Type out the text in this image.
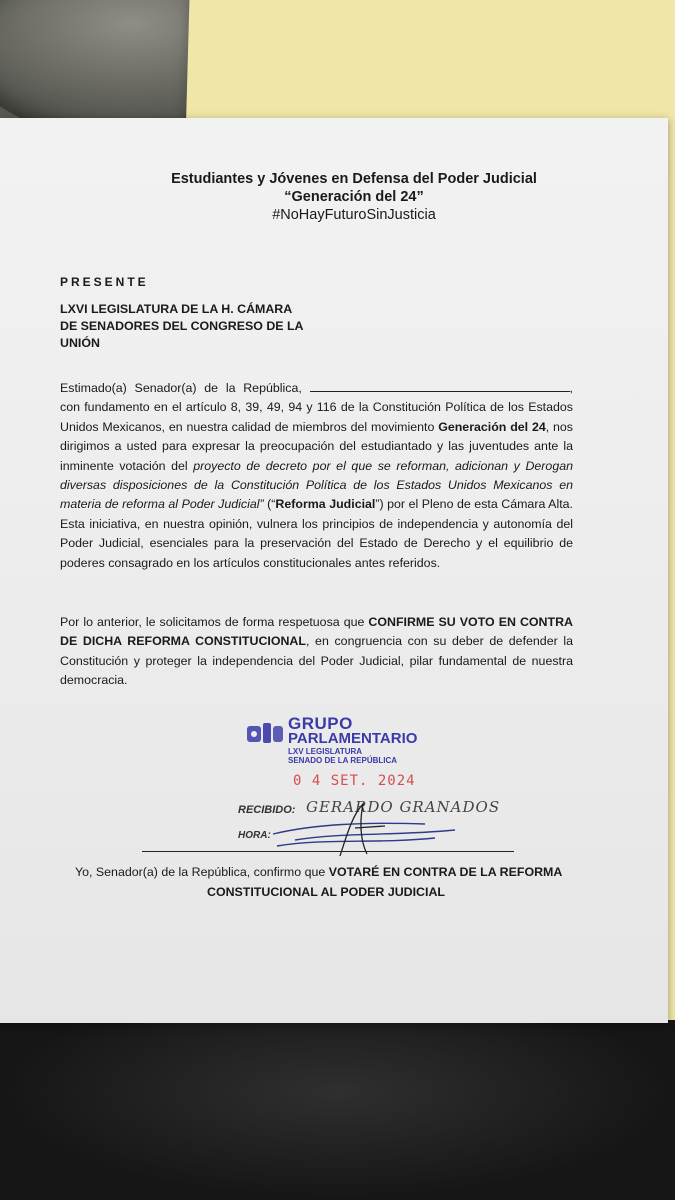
Estudiantes y Jóvenes en Defensa del Poder Judicial
“Generación del 24”
#NoHayFuturoSinJusticia
PRESENTE
LXVI LEGISLATURA DE LA H. CÁMARA DE SENADORES DEL CONGRESO DE LA UNIÓN
Estimado(a) Senador(a) de la República,	, con fundamento en el artículo 8, 39, 49, 94 y 116 de la Constitución Política de los Estados Unidos Mexicanos, en nuestra calidad de miembros del movimiento Generación del 24, nos dirigimos a usted para expresar la preocupación del estudiantado y las juventudes ante la inminente votación del proyecto de decreto por el que se reforman, adicionan y Derogan diversas disposiciones de la Constitución Política de los Estados Unidos Mexicanos en materia de reforma al Poder Judicial” (“Reforma Judicial”) por el Pleno de esta Cámara Alta. Esta iniciativa, en nuestra opinión, vulnera los principios de independencia y autonomía del Poder Judicial, esenciales para la preservación del Estado de Derecho y el equilibrio de poderes consagrado en los artículos constitucionales antes referidos.
Por lo anterior, le solicitamos de forma respetuosa que CONFIRME SU VOTO EN CONTRA DE DICHA REFORMA CONSTITUCIONAL, en congruencia con su deber de defender la Constitución y proteger la independencia del Poder Judicial, pilar fundamental de nuestra democracia.
GRUPO
PARLAMENTARIO
LXV LEGISLATURA
SENADO DE LA REPÚBLICA
0 4 SET. 2024
RECIBIDO: GERARDO GRANADOS
HORA:
Yo, Senador(a) de la República, confirmo que VOTARÉ EN CONTRA DE LA REFORMA
CONSTITUCIONAL AL PODER JUDICIAL
